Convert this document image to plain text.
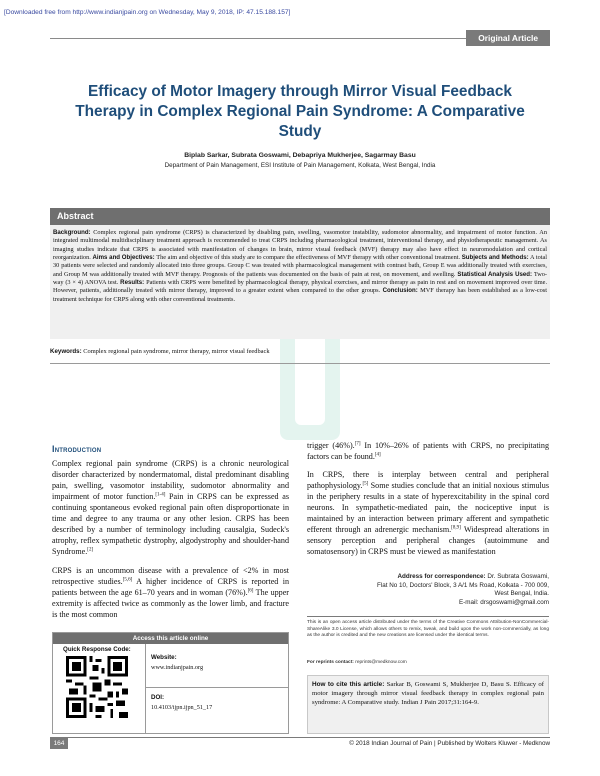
[Downloaded free from http://www.indianjpain.org on Wednesday, May 9, 2018, IP: 47.15.188.157]
Original Article
Efficacy of Motor Imagery through Mirror Visual Feedback Therapy in Complex Regional Pain Syndrome: A Comparative Study
Biplab Sarkar, Subrata Goswami, Debapriya Mukherjee, Sagarmay Basu
Department of Pain Management, ESI Institute of Pain Management, Kolkata, West Bengal, India
Abstract

Background: Complex regional pain syndrome (CRPS) is characterized by disabling pain, swelling, vasomotor instability, sudomotor abnormality, and impairment of motor function. An integrated multimodal multidisciplinary treatment approach is recommended to treat CRPS including pharmacological treatment, interventional therapy, and physiotherapeutic management. As imaging studies indicate that CRPS is associated with manifestation of changes in brain, mirror visual feedback (MVF) therapy may also have effect in neuromodulation and cortical reorganization. Aims and Objectives: The aim and objective of this study are to compare the effectiveness of MVF therapy with other conventional treatment. Subjects and Methods: A total 30 patients were selected and randomly allocated into three groups. Group C was treated with pharmacological management with contrast bath, Group E was additionally treated with exercises, and Group M was additionally treated with MVF therapy. Prognosis of the patients was documented on the basis of pain at rest, on movement, and swelling. Statistical Analysis Used: Two-way (3 × 4) ANOVA test. Results: Patients with CRPS were benefited by pharmacological therapy, physical exercises, and mirror therapy as pain in rest and on movement improved over time. However, patients, additionally treated with mirror therapy, improved to a greater extent when compared to the other groups. Conclusion: MVF therapy has been established as a low-cost treatment technique for CRPS along with other conventional treatments.

Keywords: Complex regional pain syndrome, mirror therapy, mirror visual feedback
Introduction

Complex regional pain syndrome (CRPS) is a chronic neurological disorder characterized by nondermatomal, distal predominant disabling pain, swelling, vasomotor instability, sudomotor abnormality and impairment of motor function.[1-4] Pain in CRPS can be expressed as continuing spontaneous evoked regional pain often disproportionate in time and degree to any trauma or any other lesion. CRPS has been described by a number of terminology including causalgia, Sudeck's atrophy, reflex sympathetic dystrophy, algodystrophy and shoulder-hand Syndrome.[2]

CRPS is an uncommon disease with a prevalence of <2% in most retrospective studies.[5,6] A higher incidence of CRPS is reported in patients between the age 61–70 years and in woman (76%).[6] The upper extremity is affected twice as commonly as the lower limb, and fracture is the most common

trigger (46%).[7] In 10%–26% of patients with CRPS, no precipitating factors can be found.[4]

In CRPS, there is interplay between central and peripheral pathophysiology.[5] Some studies conclude that an initial noxious stimulus in the periphery results in a state of hyperexcitability in the spinal cord neurons. In sympathetic-mediated pain, the nociceptive input is maintained by an interaction between primary afferent and sympathetic efferent through an adrenergic mechanism.[8,9] Widespread alterations in sensory perception and peripheral changes (autoimmune and somatosensory) in CRPS must be viewed as manifestation

Address for correspondence: Dr. Subrata Goswami,
Flat No 10, Doctors' Block, 3 A/1 Ms Road, Kolkata - 700 009,
West Bengal, India.
E-mail: drsgoswami@gmail.com
Access this article online
Quick Response Code:
Website:
www.indianjpain.org
DOI:
10.4103/ijpn.ijpn_51_17

This is an open access article distributed under the terms of the Creative Commons Attribution-NonCommercial-ShareAlike 3.0 License, which allows others to remix, tweak, and build upon the work non-commercially, as long as the author is credited and the new creations are licensed under the identical terms.

For reprints contact: reprints@medknow.com
How to cite this article: Sarkar B, Goswami S, Mukherjee D, Basu S. Efficacy of motor imagery through mirror visual feedback therapy in complex regional pain syndrome: A Comparative study. Indian J Pain 2017;31:164-9.
164	© 2018 Indian Journal of Pain | Published by Wolters Kluwer - Medknow
